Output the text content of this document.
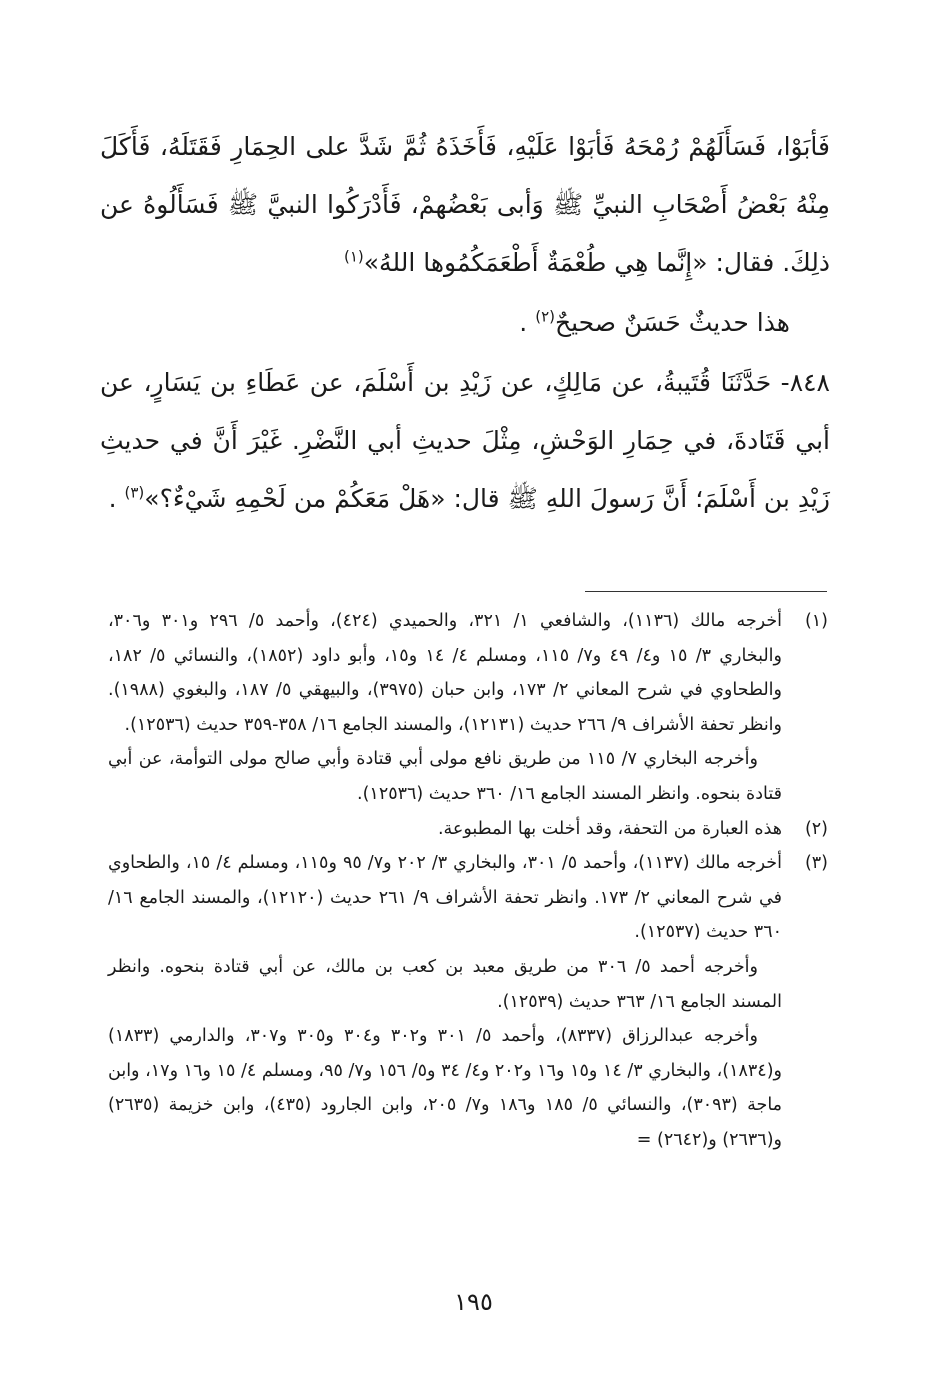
فَأبَوْا، فَسَأَلَهُمْ رُمْحَهُ فَأبَوْا عَلَيْهِ، فَأَخَذَهُ ثُمَّ شَدَّ على الحِمَارِ فَقَتَلَهُ، فَأَكَلَ مِنْهُ بَعْضُ أَصْحَابِ النبيِّ ﷺ وَأبى بَعْضُهمْ، فَأَدْرَكُوا النبيَّ ﷺ فَسَأَلُوهُ عن ذلِكَ. فقال: «إِنَّما هِي طُعْمَةٌ أَطْعَمَكُمُوها اللهُ»$^{(١)}$

هذا حديثٌ حَسَنٌ صحيحٌ$^{(٢)}$ .

٨٤٨- حَدَّثَنَا قُتَيبةُ، عن مَالِكٍ، عن زَيْدِ بن أَسْلَمَ، عن عَطَاءِ بن يَسَارٍ، عن أبي قَتَادةَ، في حِمَارِ الوَحْشِ، مِثْلَ حديثِ أبي النَّضْرِ. غَيْرَ أَنَّ في حديثِ زَيْدِ بن أَسْلَمَ؛ أَنَّ رَسولَ اللهِ ﷺ قال: «هَلْ مَعَكُمْ من لَحْمِهِ شَيْءٌ؟»$^{(٣)}$ .

(١)

أخرجه مالك (١١٣٦)، والشافعي ١/ ٣٢١، والحميدي (٤٢٤)، وأحمد ٥/ ٢٩٦ و٣٠١ و٣٠٦، والبخاري ٣/ ١٥ و٤/ ٤٩ و٧/ ١١٥، ومسلم ٤/ ١٤ و١٥، وأبو داود (١٨٥٢)، والنسائي ٥/ ١٨٢، والطحاوي في شرح المعاني ٢/ ١٧٣، وابن حبان (٣٩٧٥)، والبيهقي ٥/ ١٨٧، والبغوي (١٩٨٨). وانظر تحفة الأشراف ٩/ ٢٦٦ حديث (١٢١٣١)، والمسند الجامع ١٦/ ٣٥٨-٣٥٩ حديث (١٢٥٣٦).

وأخرجه البخاري ٧/ ١١٥ من طريق نافع مولى أبي قتادة وأبي صالح مولى التوأمة، عن أبي قتادة بنحوه. وانظر المسند الجامع ١٦/ ٣٦٠ حديث (١٢٥٣٦).

(٢)

هذه العبارة من التحفة، وقد أخلت بها المطبوعة.

(٣)

أخرجه مالك (١١٣٧)، وأحمد ٥/ ٣٠١، والبخاري ٣/ ٢٠٢ و٧/ ٩٥ و١١٥، ومسلم ٤/ ١٥، والطحاوي في شرح المعاني ٢/ ١٧٣. وانظر تحفة الأشراف ٩/ ٢٦١ حديث (١٢١٢٠)، والمسند الجامع ١٦/ ٣٦٠ حديث (١٢٥٣٧).

وأخرجه أحمد ٥/ ٣٠٦ من طريق معبد بن كعب بن مالك، عن أبي قتادة بنحوه. وانظر المسند الجامع ١٦/ ٣٦٣ حديث (١٢٥٣٩).

وأخرجه عبدالرزاق (٨٣٣٧)، وأحمد ٥/ ٣٠١ و٣٠٢ و٣٠٤ و٣٠٥ و٣٠٧، والدارمي (١٨٣٣) و(١٨٣٤)، والبخاري ٣/ ١٤ و١٥ و١٦ و٢٠٢ و٤/ ٣٤ و٥/ ١٥٦ و٧/ ٩٥، ومسلم ٤/ ١٥ و١٦ و١٧، وابن ماجة (٣٠٩٣)، والنسائي ٥/ ١٨٥ و١٨٦ و٧/ ٢٠٥، وابن الجارود (٤٣٥)، وابن خزيمة (٢٦٣٥) و(٢٦٣٦) و(٢٦٤٢) =

١٩٥
